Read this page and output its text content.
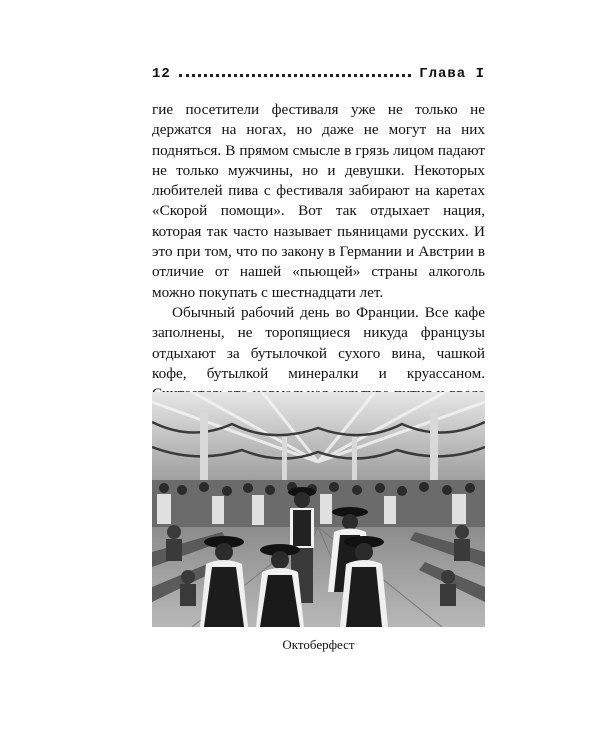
12	Глава I

гие посетители фестиваля уже не только не держатся на ногах, но даже не могут на них подняться. В прямом смысле в грязь лицом падают не только мужчины, но и девушки. Некоторых любителей пива с фестиваля забирают на каретах «Скорой помощи». Вот так отдыхает нация, которая так часто называет пьяницами русских. И это при том, что по закону в Германии и Австрии в отличие от нашей «пьющей» страны алкоголь можно покупать с шестнадцати лет.

Обычный рабочий день во Франции. Все кафе заполнены, не торопящиеся никуда французы отдыхают за бутылочкой сухого вина, чашкой кофе, бутылкой минералки и круассаном.

Октоберфест
